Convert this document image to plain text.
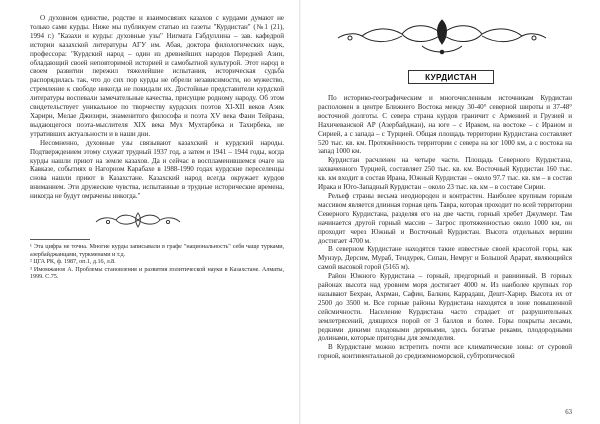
О духовном единстве, родстве и взаимосвязях казахов с курдами думают не только сами курды. Ниже мы публикуем статью из газеты "Курдистан" (№1 (21), 1994 г.) "Казахи и курды: духовные узы" Нигмата Габдуллина – зав. кафедрой истории казахской литературы АГУ им. Абая, доктора филологических наук, профессора: "Курдский народ – один из древнейших народов Передней Азии, обладающий своей неповторимой историей и самобытной культурой. Этот народ в своем развитии пережил тяжелейшие испытания, историческая судьба распорядилась так, что до сих пор курды не обрели независимости, но мужество, стремление к свободе никогда не покидали их. Достойные представители курдской литературы воспевали замечательные качества, присущие родному народу. Об этом свидетельствует уникальное по творчеству курдских поэтов XI-XII веков Аэик Харири, Мелае Джизири, знаменитого философа и поэта XV века Фани Тейрана, выдающегося поэта-мыслителя XIX века Мух Мухтарбека и Тахирбека, не утративших актуальности и в наши дни.

Несомненно, духовные узы связывают казахский и курдский народы. Подтверждением этому служат трудный 1937 год, а затем и 1941 – 1944 годы, когда курды нашли приют на земле казахов. Да и сейчас в воспламенившемся очаге на Кавказе, событиях в Нагорном Карабахе в 1988-1990 годах курдские переселенцы снова нашли приют в Казахстане. Казахский народ всегда окружает курдов вниманием. Эти дружеские чувства, испытанные в трудные исторические времена, никогда не будут омрачены никогда."

¹ Эта цифра не точна. Многие курды записывали в графе "национальность" себя чаще турками, азербайджанцами, туркменами и т.д.

² ЦГА РК, ф. 1987, оп.1, д.16, л.8.

³ Имомжанов А. Проблемы становления и развития политической науки в Казахстане. Алматы, 1999. С.75.

КУРДИСТАН

По историко-географическим и многочисленным источникам Курдистан расположен в центре Ближнего Востока между 30-40° северной широты и 37-48° восточной долготы. С севера страна курдов граничит с Арменией и Грузией и Нахичеванской АР (Азербайджан), на юге – с Ираком, на востоке – с Ираном и Сирией, а с запада – с Турцией. Общая площадь территории Курдистана составляет 520 тыс. кв. км. Протяжённость территории с севера на юг 1000 км, а с востока на запад 1000 км.

Курдистан расчленен на четыре части. Площадь Северного Курдистана, захваченного Турцией, составляет 250 тыс. кв. км. Восточный Курдистан 160 тыс. кв. км входит в состав Ирана, Южный Курдистан – около 97.7 тыс. кв. км – в состав Ирака и Юго-Западный Курдистан – около 23 тыс. кв. км – в составе Сирии.

Рельеф страны весьма неоднороден и контрастен. Наиболее крупным горным массивом является длинная горная цепь Тавра, которая проходит по всей территории Северного Курдистана, разделяя его на две части, горный хребет Джулмерг. Там начинается другой горный массив – Загрос протяженностью около 1000 км, он проходит через Южный и Восточный Курдистан. Высота отдельных вершин достигает 4700 м.

В северном Курдистане находятся такие известные своей красотой горы, как Мунзур, Дерсим, Мураб, Тендурек, Сипан, Немруг и Большой Арарат, являющийся самой высокой горой (5165 м).

Район Южного Курдистана – горный, предгорный и равнинный. В горных районах высота над уровнем моря достигает 4000 м. Из наиболее крупных гор называют Бехран, Ахрман, Сафин, Балкин, Каррадаш, Дешт-Харир. Высота их от 2500 до 3500 м. Все горные районы Курдистана находятся в зоне повышенной сейсмичности. Население Курдистана часто страдает от разрушительных землетрясений, длящихся порой от 3 баллов и более. Горы покрыты лесами, редкими дикими плодовыми деревьями, здесь богатые реками, плодородными долинами, которые пригодны для земледелия.

В Курдистане можно встретить почти все климатические зоны: от суровой горной, континентальной до средиземноморской, субтропической

63
